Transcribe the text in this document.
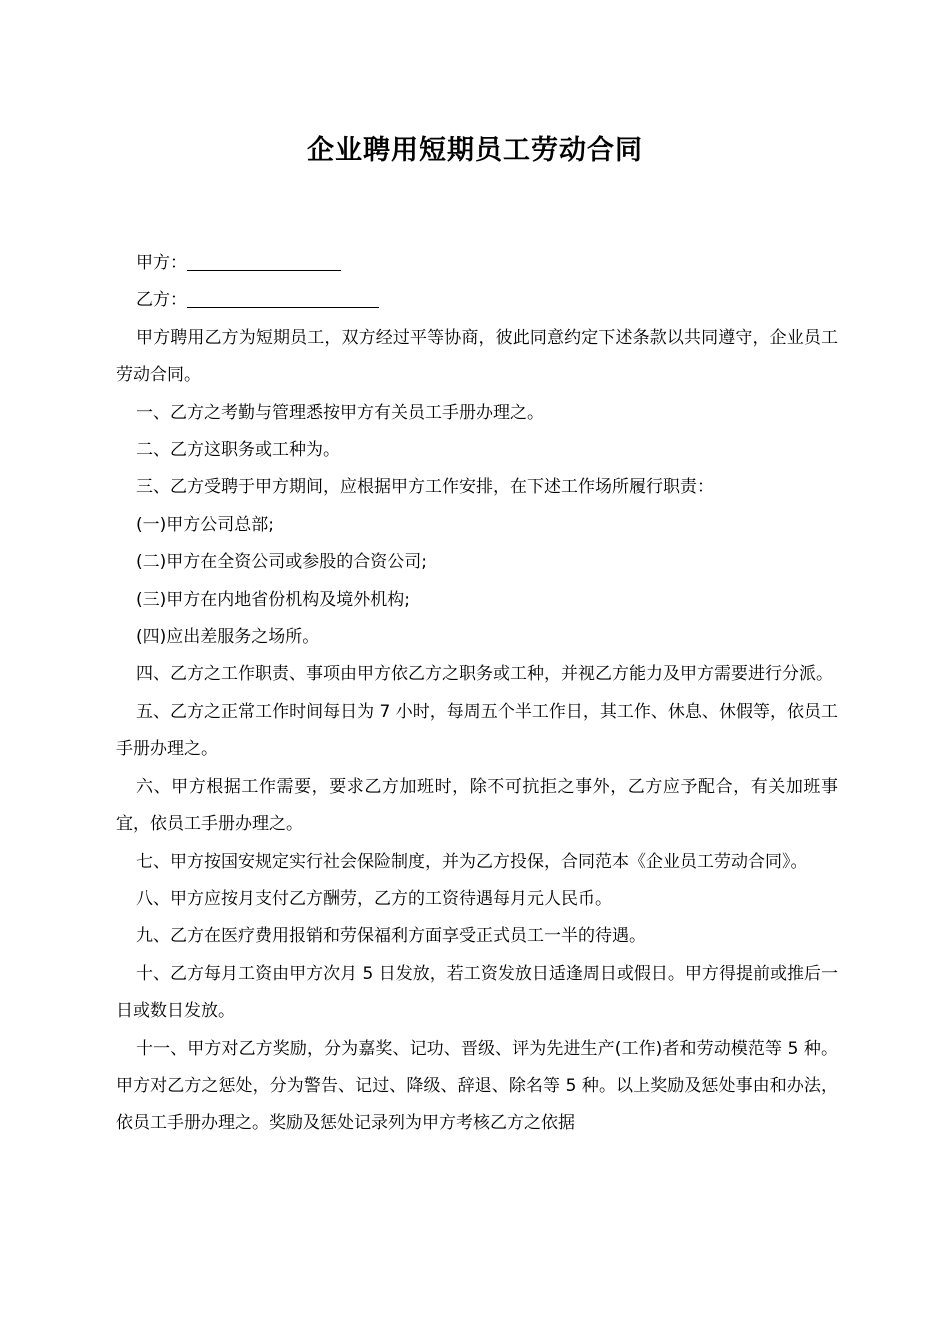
企业聘用短期员工劳动合同

甲方：

乙方：

甲方聘用乙方为短期员工，双方经过平等协商，彼此同意约定下述条款以共同遵守，企业员工劳动合同。

一、乙方之考勤与管理悉按甲方有关员工手册办理之。

二、乙方这职务或工种为。

三、乙方受聘于甲方期间，应根据甲方工作安排，在下述工作场所履行职责：

(一)甲方公司总部;

(二)甲方在全资公司或参股的合资公司;

(三)甲方在内地省份机构及境外机构;

(四)应出差服务之场所。

四、乙方之工作职责、事项由甲方依乙方之职务或工种，并视乙方能力及甲方需要进行分派。

五、乙方之正常工作时间每日为 7 小时，每周五个半工作日，其工作、休息、休假等，依员工手册办理之。

六、甲方根据工作需要，要求乙方加班时，除不可抗拒之事外，乙方应予配合，有关加班事宜，依员工手册办理之。

七、甲方按国安规定实行社会保险制度，并为乙方投保，合同范本《企业员工劳动合同》。

八、甲方应按月支付乙方酬劳，乙方的工资待遇每月元人民币。

九、乙方在医疗费用报销和劳保福利方面享受正式员工一半的待遇。

十、乙方每月工资由甲方次月 5 日发放，若工资发放日适逢周日或假日。甲方得提前或推后一日或数日发放。

十一、甲方对乙方奖励，分为嘉奖、记功、晋级、评为先进生产(工作)者和劳动模范等 5 种。甲方对乙方之惩处，分为警告、记过、降级、辞退、除名等 5 种。以上奖励及惩处事由和办法，依员工手册办理之。奖励及惩处记录列为甲方考核乙方之依据
